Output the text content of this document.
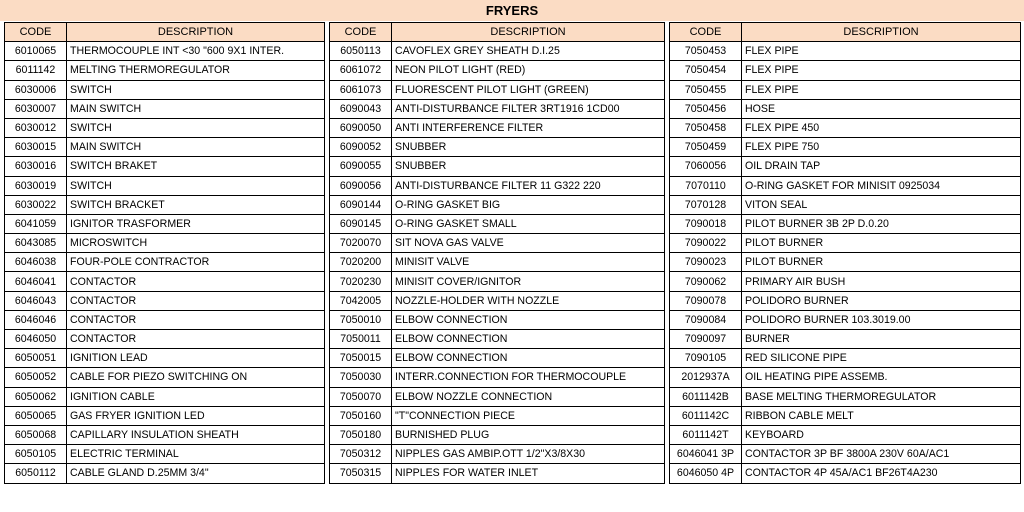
FRYERS
CODE	DESCRIPTION		CODE	DESCRIPTION		CODE	DESCRIPTION
6010065	THERMOCOUPLE INT <30 "600 9X1 INTER.		6050113	CAVOFLEX GREY SHEATH D.I.25		7050453	FLEX PIPE
6011142	MELTING THERMOREGULATOR		6061072	NEON PILOT LIGHT (RED)		7050454	FLEX PIPE
6030006	SWITCH		6061073	FLUORESCENT PILOT LIGHT (GREEN)		7050455	FLEX PIPE
6030007	MAIN SWITCH		6090043	ANTI-DISTURBANCE FILTER 3RT1916 1CD00		7050456	HOSE
6030012	SWITCH		6090050	ANTI INTERFERENCE FILTER		7050458	FLEX PIPE 450
6030015	MAIN SWITCH		6090052	SNUBBER		7050459	FLEX PIPE 750
6030016	SWITCH BRAKET		6090055	SNUBBER		7060056	OIL DRAIN TAP
6030019	SWITCH		6090056	ANTI-DISTURBANCE FILTER 11 G322 220		7070110	O-RING GASKET FOR MINISIT 0925034
6030022	SWITCH BRACKET		6090144	O-RING GASKET BIG		7070128	VITON SEAL
6041059	IGNITOR TRASFORMER		6090145	O-RING GASKET SMALL		7090018	PILOT BURNER 3B 2P D.0.20
6043085	MICROSWITCH		7020070	SIT NOVA GAS VALVE		7090022	PILOT BURNER
6046038	FOUR-POLE CONTRACTOR		7020200	MINISIT VALVE		7090023	PILOT BURNER
6046041	CONTACTOR		7020230	MINISIT COVER/IGNITOR		7090062	PRIMARY AIR BUSH
6046043	CONTACTOR		7042005	NOZZLE-HOLDER WITH NOZZLE		7090078	POLIDORO BURNER
6046046	CONTACTOR		7050010	ELBOW CONNECTION		7090084	POLIDORO BURNER 103.3019.00
6046050	CONTACTOR		7050011	ELBOW CONNECTION		7090097	BURNER
6050051	IGNITION LEAD		7050015	ELBOW CONNECTION		7090105	RED SILICONE PIPE
6050052	CABLE FOR PIEZO SWITCHING ON		7050030	INTERR.CONNECTION FOR THERMOCOUPLE		2012937A	OIL HEATING PIPE ASSEMB.
6050062	IGNITION CABLE		7050070	ELBOW NOZZLE CONNECTION		6011142B	BASE MELTING THERMOREGULATOR
6050065	GAS FRYER IGNITION LED		7050160	"T"CONNECTION PIECE		6011142C	RIBBON CABLE MELT
6050068	CAPILLARY INSULATION SHEATH		7050180	BURNISHED PLUG		6011142T	KEYBOARD
6050105	ELECTRIC TERMINAL		7050312	NIPPLES GAS AMBIP.OTT 1/2"X3/8X30		6046041 3P	CONTACTOR 3P BF 3800A 230V 60A/AC1
6050112	CABLE GLAND D.25MM 3/4"		7050315	NIPPLES FOR WATER INLET		6046050 4P	CONTACTOR 4P 45A/AC1 BF26T4A230
